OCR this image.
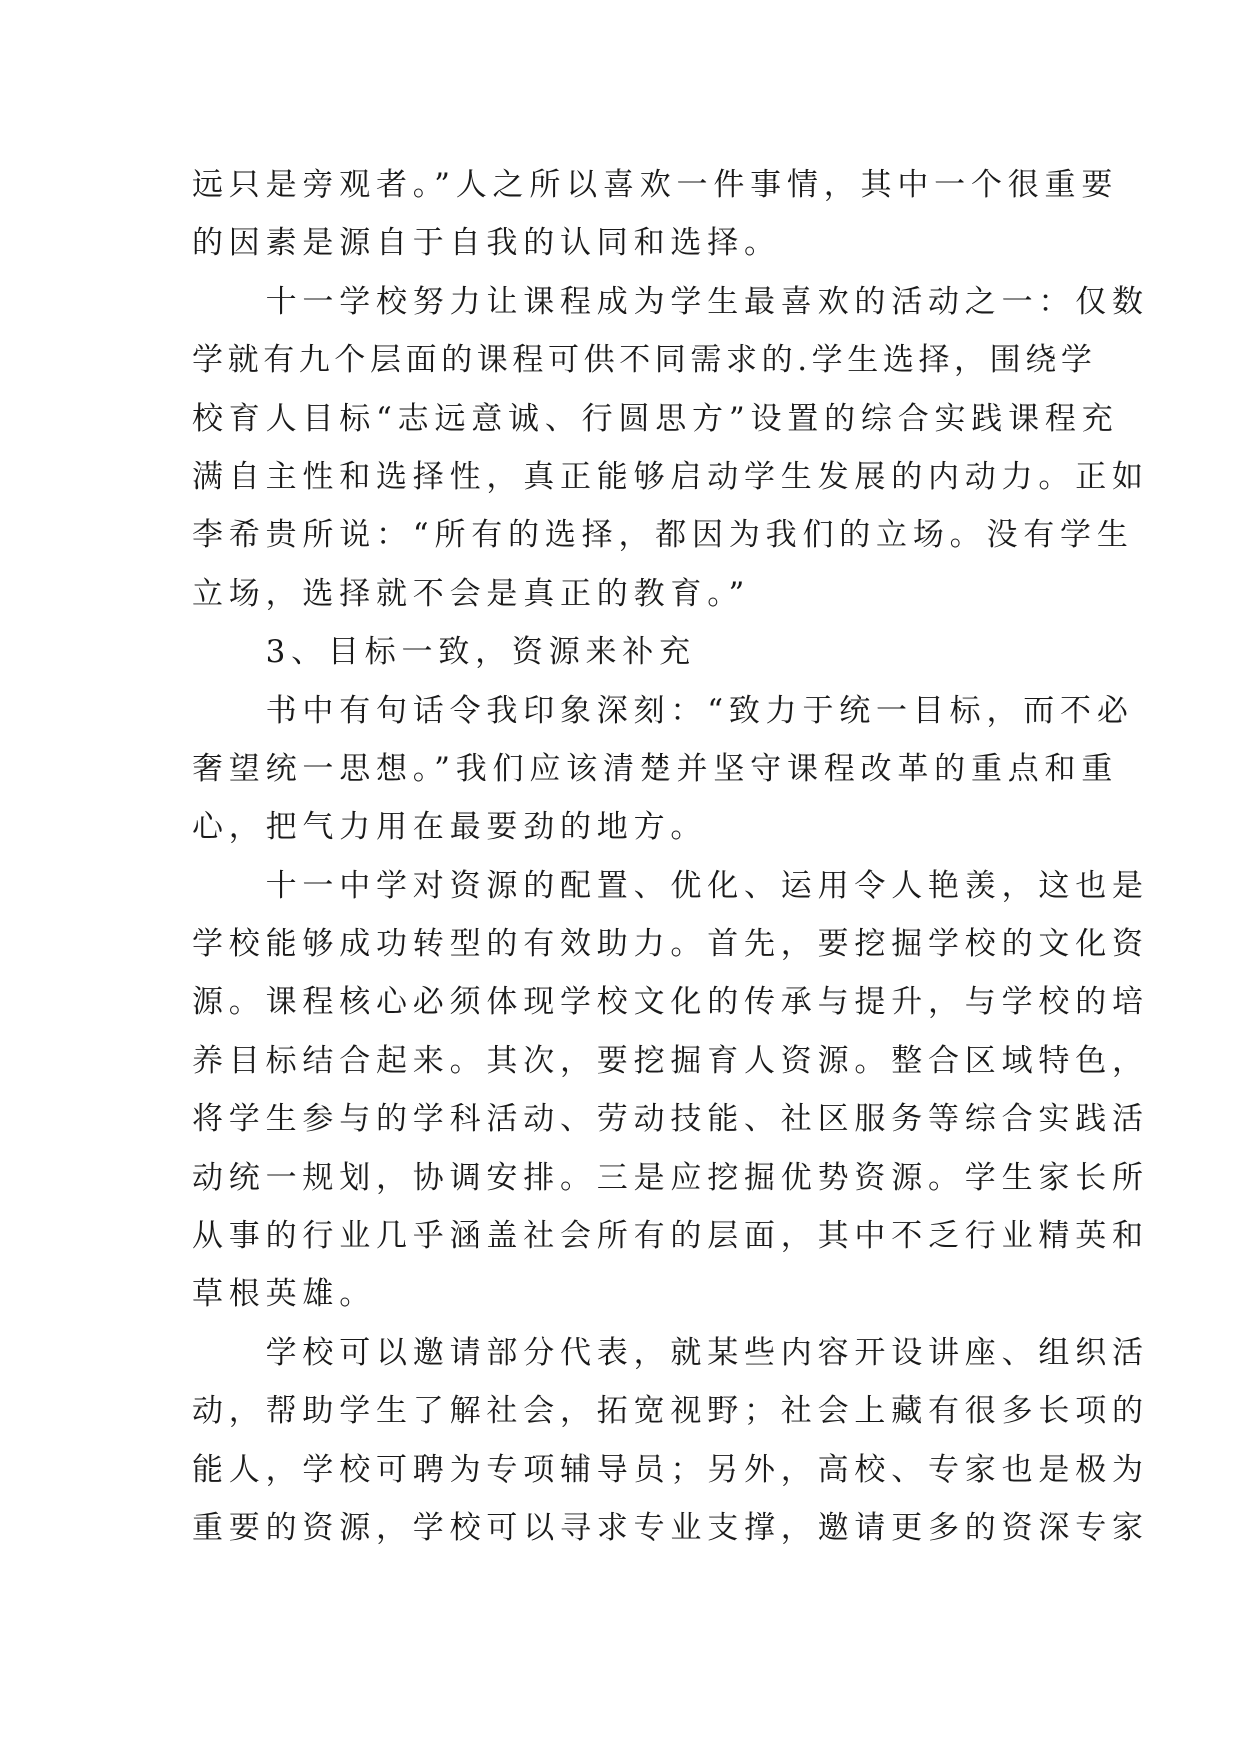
远只是旁观者。”人之所以喜欢一件事情，其中一个很重要
的因素是源自于自我的认同和选择。
　　十一学校努力让课程成为学生最喜欢的活动之一：仅数
学就有九个层面的课程可供不同需求的.学生选择，围绕学
校育人目标“志远意诚、行圆思方”设置的综合实践课程充
满自主性和选择性，真正能够启动学生发展的内动力。正如
李希贵所说：“所有的选择，都因为我们的立场。没有学生
立场，选择就不会是真正的教育。”
　　3、目标一致，资源来补充
　　书中有句话令我印象深刻：“致力于统一目标，而不必
奢望统一思想。”我们应该清楚并坚守课程改革的重点和重
心，把气力用在最要劲的地方。
　　十一中学对资源的配置、优化、运用令人艳羡，这也是
学校能够成功转型的有效助力。首先，要挖掘学校的文化资
源。课程核心必须体现学校文化的传承与提升，与学校的培
养目标结合起来。其次，要挖掘育人资源。整合区域特色，
将学生参与的学科活动、劳动技能、社区服务等综合实践活
动统一规划，协调安排。三是应挖掘优势资源。学生家长所
从事的行业几乎涵盖社会所有的层面，其中不乏行业精英和
草根英雄。
　　学校可以邀请部分代表，就某些内容开设讲座、组织活
动，帮助学生了解社会，拓宽视野；社会上藏有很多长项的
能人，学校可聘为专项辅导员；另外，高校、专家也是极为
重要的资源，学校可以寻求专业支撑，邀请更多的资深专家
